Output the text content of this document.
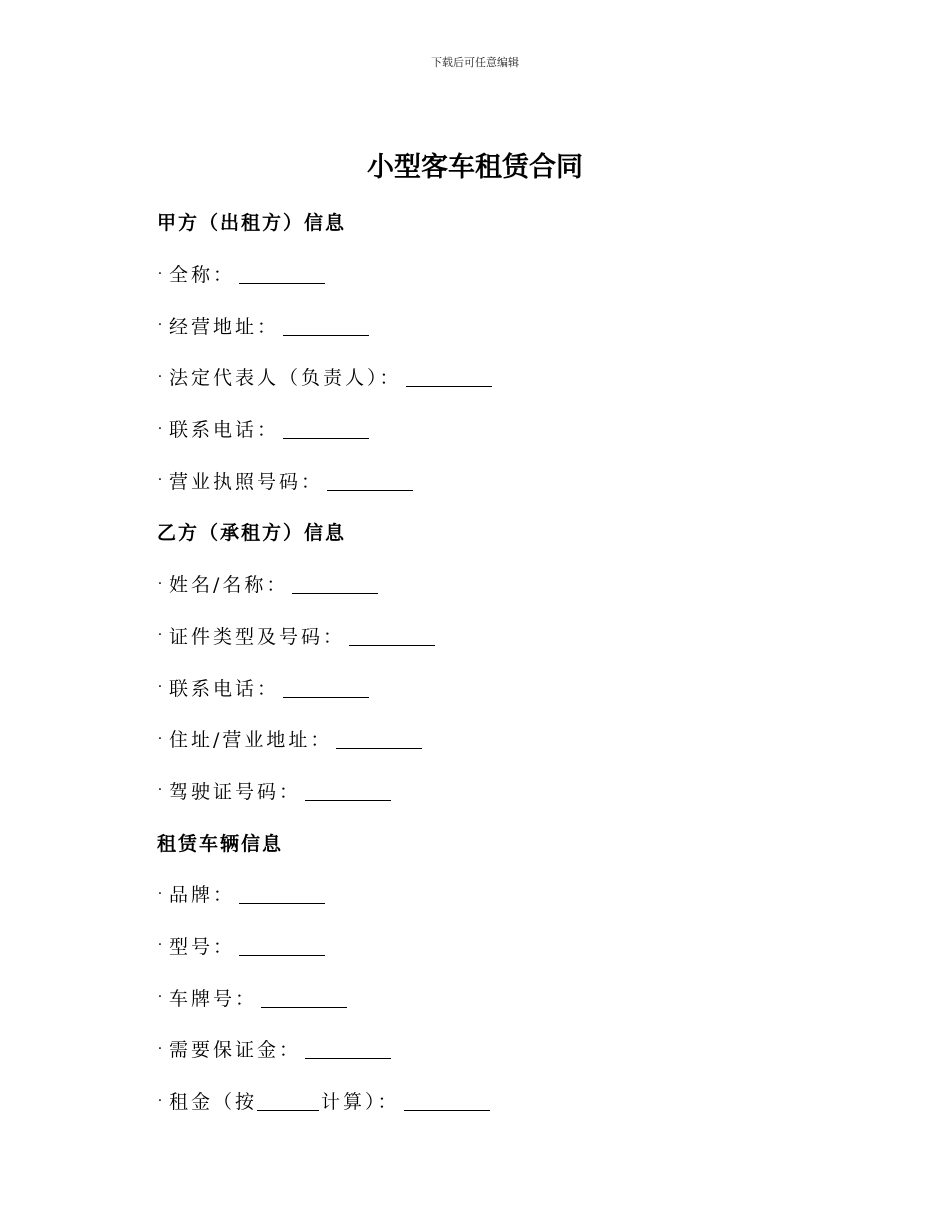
下载后可任意编辑
小型客车租赁合同
甲方（出租方）信息
· 全称：
· 经营地址：
· 法定代表人（负责人）：
· 联系电话：
· 营业执照号码：
乙方（承租方）信息
· 姓名/名称：
· 证件类型及号码：
· 联系电话：
· 住址/营业地址：
· 驾驶证号码：
租赁车辆信息
· 品牌：
· 型号：
· 车牌号：
· 需要保证金：
· 租金（按	计算）：
